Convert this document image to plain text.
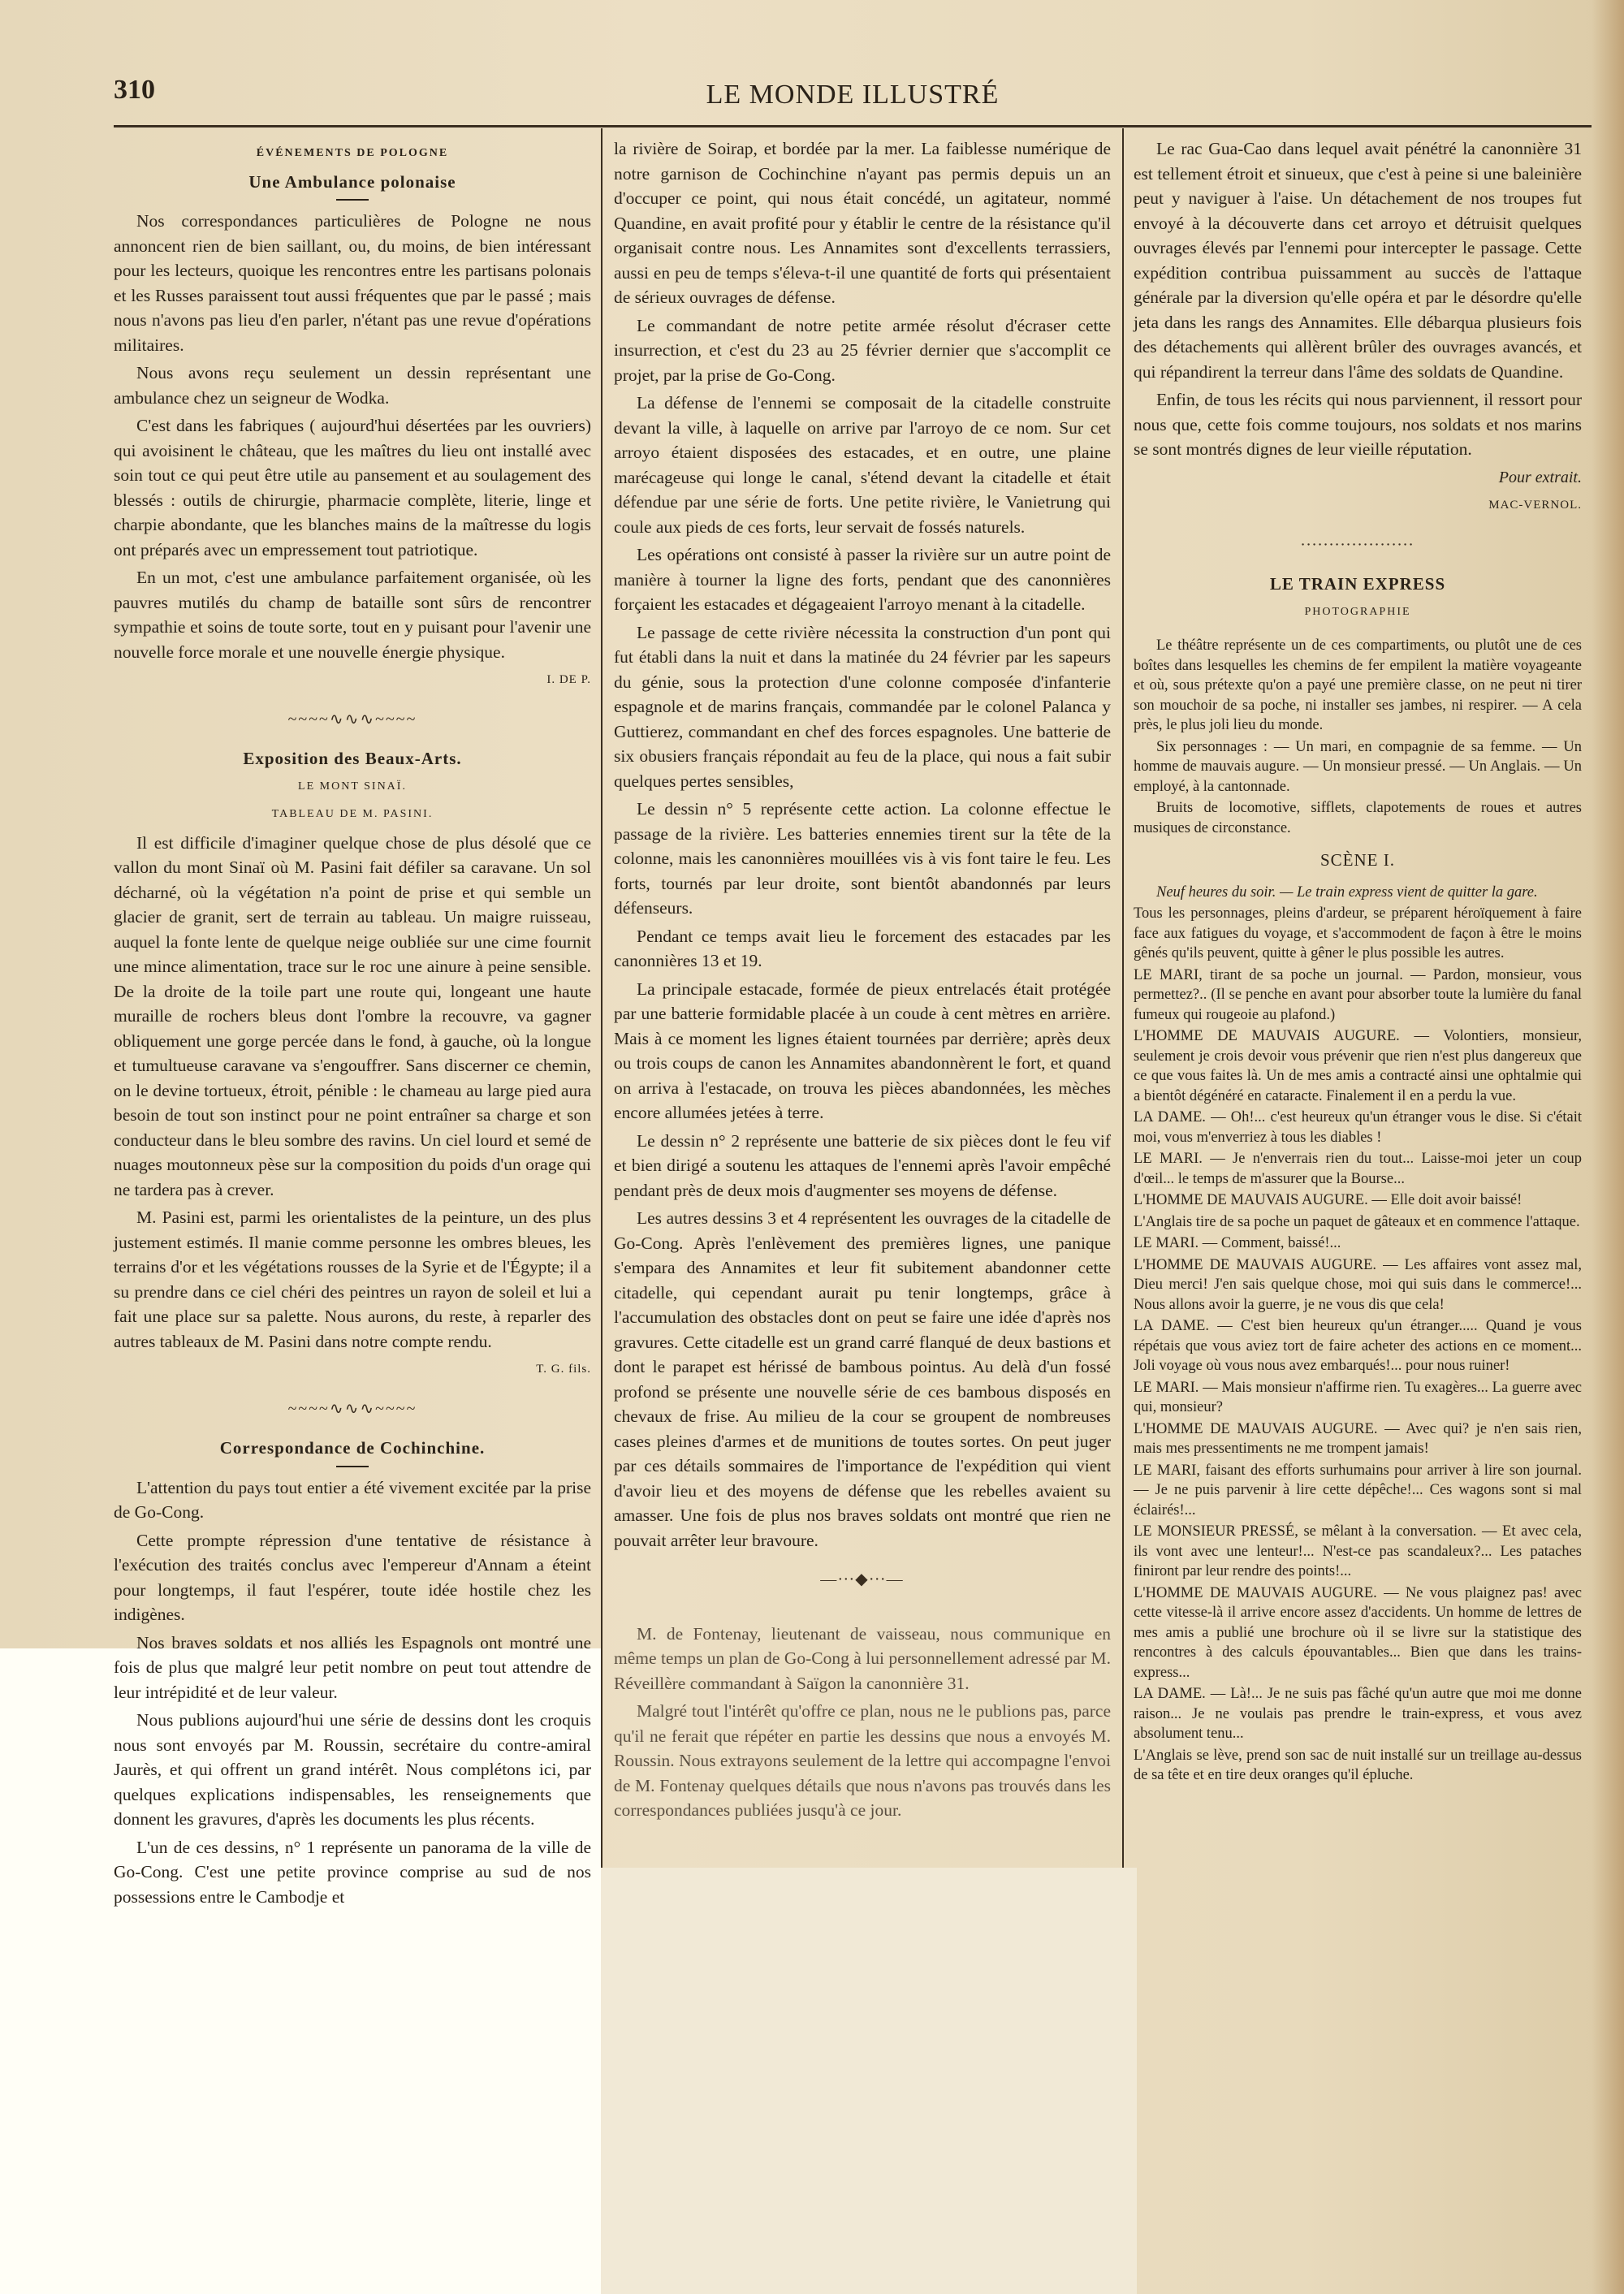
310	LE MONDE ILLUSTRÉ
ÉVÉNEMENTS DE POLOGNE
Une Ambulance polonaise

Nos correspondances particulières de Pologne ne nous annoncent rien de bien saillant, ou, du moins, de bien intéressant pour les lecteurs, quoique les rencontres entre les partisans polonais et les Russes paraissent tout aussi fréquentes que par le passé ; mais nous n'avons pas lieu d'en parler, n'étant pas une revue d'opérations militaires.

Nous avons reçu seulement un dessin représentant une ambulance chez un seigneur de Wodka.

C'est dans les fabriques ( aujourd'hui désertées par les ouvriers) qui avoisinent le château, que les maîtres du lieu ont installé avec soin tout ce qui peut être utile au pansement et au soulagement des blessés : outils de chirurgie, pharmacie complète, literie, linge et charpie abondante, que les blanches mains de la maîtresse du logis ont préparés avec un empressement tout patriotique.

En un mot, c'est une ambulance parfaitement organisée, où les pauvres mutilés du champ de bataille sont sûrs de rencontrer sympathie et soins de toute sorte, tout en y puisant pour l'avenir une nouvelle force morale et une nouvelle énergie physique.

I. DE P.
~~~~∿∿∿~~~~
Exposition des Beaux-Arts.
LE MONT SINAÏ.
TABLEAU DE M. PASINI.

Il est difficile d'imaginer quelque chose de plus désolé que ce vallon du mont Sinaï où M. Pasini fait défiler sa caravane. Un sol décharné, où la végétation n'a point de prise et qui semble un glacier de granit, sert de terrain au tableau. Un maigre ruisseau, auquel la fonte lente de quelque neige oubliée sur une cime fournit une mince alimentation, trace sur le roc une ainure à peine sensible. De la droite de la toile part une route qui, longeant une haute muraille de rochers bleus dont l'ombre la recouvre, va gagner obliquement une gorge percée dans le fond, à gauche, où la longue et tumultueuse caravane va s'engouffrer. Sans discerner ce chemin, on le devine tortueux, étroit, pénible : le chameau au large pied aura besoin de tout son instinct pour ne point entraîner sa charge et son conducteur dans le bleu sombre des ravins. Un ciel lourd et semé de nuages moutonneux pèse sur la composition du poids d'un orage qui ne tardera pas à crever.

M. Pasini est, parmi les orientalistes de la peinture, un des plus justement estimés. Il manie comme personne les ombres bleues, les terrains d'or et les végétations rousses de la Syrie et de l'Égypte; il a su prendre dans ce ciel chéri des peintres un rayon de soleil et lui a fait une place sur sa palette. Nous aurons, du reste, à reparler des autres tableaux de M. Pasini dans notre compte rendu.

T. G. fils.
~~~~∿∿∿~~~~
Correspondance de Cochinchine.

L'attention du pays tout entier a été vivement excitée par la prise de Go-Cong.

Cette prompte répression d'une tentative de résistance à l'exécution des traités conclus avec l'empereur d'Annam a éteint pour longtemps, il faut l'espérer, toute idée hostile chez les indigènes.

Nos braves soldats et nos alliés les Espagnols ont montré une fois de plus que malgré leur petit nombre on peut tout attendre de leur intrépidité et de leur valeur.

Nous publions aujourd'hui une série de dessins dont les croquis nous sont envoyés par M. Roussin, secrétaire du contre-amiral Jaurès, et qui offrent un grand intérêt. Nous complétons ici, par quelques explications indispensables, les renseignements que donnent les gravures, d'après les documents les plus récents.

L'un de ces dessins, n° 1 représente un panorama de la ville de Go-Cong. C'est une petite province comprise au sud de nos possessions entre le Cambodje et

la rivière de Soirap, et bordée par la mer. La faiblesse numérique de notre garnison de Cochinchine n'ayant pas permis depuis un an d'occuper ce point, qui nous était concédé, un agitateur, nommé Quandine, en avait profité pour y établir le centre de la résistance qu'il organisait contre nous. Les Annamites sont d'excellents terrassiers, aussi en peu de temps s'éleva-t-il une quantité de forts qui présentaient de sérieux ouvrages de défense.

Le commandant de notre petite armée résolut d'écraser cette insurrection, et c'est du 23 au 25 février dernier que s'accomplit ce projet, par la prise de Go-Cong.

La défense de l'ennemi se composait de la citadelle construite devant la ville, à laquelle on arrive par l'arroyo de ce nom. Sur cet arroyo étaient disposées des estacades, et en outre, une plaine marécageuse qui longe le canal, s'étend devant la citadelle et était défendue par une série de forts. Une petite rivière, le Vanietrung qui coule aux pieds de ces forts, leur servait de fossés naturels.

Les opérations ont consisté à passer la rivière sur un autre point de manière à tourner la ligne des forts, pendant que des canonnières forçaient les estacades et dégageaient l'arroyo menant à la citadelle.

Le passage de cette rivière nécessita la construction d'un pont qui fut établi dans la nuit et dans la matinée du 24 février par les sapeurs du génie, sous la protection d'une colonne composée d'infanterie espagnole et de marins français, commandée par le colonel Palanca y Guttierez, commandant en chef des forces espagnoles. Une batterie de six obusiers français répondait au feu de la place, qui nous a fait subir quelques pertes sensibles,

Le dessin n° 5 représente cette action. La colonne effectue le passage de la rivière. Les batteries ennemies tirent sur la tête de la colonne, mais les canonnières mouillées vis à vis font taire le feu. Les forts, tournés par leur droite, sont bientôt abandonnés par leurs défenseurs.

Pendant ce temps avait lieu le forcement des estacades par les canonnières 13 et 19.

La principale estacade, formée de pieux entrelacés était protégée par une batterie formidable placée à un coude à cent mètres en arrière. Mais à ce moment les lignes étaient tournées par derrière; après deux ou trois coups de canon les Annamites abandonnèrent le fort, et quand on arriva à l'estacade, on trouva les pièces abandonnées, les mèches encore allumées jetées à terre.

Le dessin n° 2 représente une batterie de six pièces dont le feu vif et bien dirigé a soutenu les attaques de l'ennemi après l'avoir empêché pendant près de deux mois d'augmenter ses moyens de défense.

Les autres dessins 3 et 4 représentent les ouvrages de la citadelle de Go-Cong. Après l'enlèvement des premières lignes, une panique s'empara des Annamites et leur fit subitement abandonner cette citadelle, qui cependant aurait pu tenir longtemps, grâce à l'accumulation des obstacles dont on peut se faire une idée d'après nos gravures. Cette citadelle est un grand carré flanqué de deux bastions et dont le parapet est hérissé de bambous pointus. Au delà d'un fossé profond se présente une nouvelle série de ces bambous disposés en chevaux de frise. Au milieu de la cour se groupent de nombreuses cases pleines d'armes et de munitions de toutes sortes. On peut juger par ces détails sommaires de l'importance de l'expédition qui vient d'avoir lieu et des moyens de défense que les rebelles avaient su amasser. Une fois de plus nos braves soldats ont montré que rien ne pouvait arrêter leur bravoure.

—∙∙∙◆∙∙∙—

M. de Fontenay, lieutenant de vaisseau, nous communique en même temps un plan de Go-Cong à lui personnellement adressé par M. Réveillère commandant à Saïgon la canonnière 31.

Malgré tout l'intérêt qu'offre ce plan, nous ne le publions pas, parce qu'il ne ferait que répéter en partie les dessins que nous a envoyés M. Roussin. Nous extrayons seulement de la lettre qui accompagne l'envoi de M. Fontenay quelques détails que nous n'avons pas trouvés dans les correspondances publiées jusqu'à ce jour.

Le rac Gua-Cao dans lequel avait pénétré la canonnière 31 est tellement étroit et sinueux, que c'est à peine si une baleinière peut y naviguer à l'aise. Un détachement de nos troupes fut envoyé à la découverte dans cet arroyo et détruisit quelques ouvrages élevés par l'ennemi pour intercepter le passage. Cette expédition contribua puissamment au succès de l'attaque générale par la diversion qu'elle opéra et par le désordre qu'elle jeta dans les rangs des Annamites. Elle débarqua plusieurs fois des détachements qui allèrent brûler des ouvrages avancés, et qui répandirent la terreur dans l'âme des soldats de Quandine.

Enfin, de tous les récits qui nous parviennent, il ressort pour nous que, cette fois comme toujours, nos soldats et nos marins se sont montrés dignes de leur vieille réputation.

Pour extrait.
MAC-VERNOL.
∙∙∙∙∙∙∙∙∙∙∙∙∙∙∙∙∙∙∙∙
LE TRAIN EXPRESS
PHOTOGRAPHIE

Le théâtre représente un de ces compartiments, ou plutôt une de ces boîtes dans lesquelles les chemins de fer empilent la matière voyageante et où, sous prétexte qu'on a payé une première classe, on ne peut ni tirer son mouchoir de sa poche, ni installer ses jambes, ni respirer. — A cela près, le plus joli lieu du monde.

Six personnages : — Un mari, en compagnie de sa femme. — Un homme de mauvais augure. — Un monsieur pressé. — Un Anglais. — Un employé, à la cantonnade.

Bruits de locomotive, sifflets, clapotements de roues et autres musiques de circonstance.

SCÈNE I.

Neuf heures du soir. — Le train express vient de quitter la gare.

Tous les personnages, pleins d'ardeur, se préparent héroïquement à faire face aux fatigues du voyage, et s'accommodent de façon à être le moins gênés qu'ils peuvent, quitte à gêner le plus possible les autres.

LE MARI, tirant de sa poche un journal. — Pardon, monsieur, vous permettez?.. (Il se penche en avant pour absorber toute la lumière du fanal fumeux qui rougeoie au plafond.)

L'HOMME DE MAUVAIS AUGURE. — Volontiers, monsieur, seulement je crois devoir vous prévenir que rien n'est plus dangereux que ce que vous faites là. Un de mes amis a contracté ainsi une ophtalmie qui a bientôt dégénéré en cataracte. Finalement il en a perdu la vue.

LA DAME. — Oh!... c'est heureux qu'un étranger vous le dise. Si c'était moi, vous m'enverriez à tous les diables !

LE MARI. — Je n'enverrais rien du tout... Laisse-moi jeter un coup d'œil... le temps de m'assurer que la Bourse...

L'HOMME DE MAUVAIS AUGURE. — Elle doit avoir baissé!

L'Anglais tire de sa poche un paquet de gâteaux et en commence l'attaque.

LE MARI. — Comment, baissé!...

L'HOMME DE MAUVAIS AUGURE. — Les affaires vont assez mal, Dieu merci! J'en sais quelque chose, moi qui suis dans le commerce!... Nous allons avoir la guerre, je ne vous dis que cela!

LA DAME. — C'est bien heureux qu'un étranger..... Quand je vous répétais que vous aviez tort de faire acheter des actions en ce moment... Joli voyage où vous nous avez embarqués!... pour nous ruiner!

LE MARI. — Mais monsieur n'affirme rien. Tu exagères... La guerre avec qui, monsieur?

L'HOMME DE MAUVAIS AUGURE. — Avec qui? je n'en sais rien, mais mes pressentiments ne me trompent jamais!

LE MARI, faisant des efforts surhumains pour arriver à lire son journal. — Je ne puis parvenir à lire cette dépêche!... Ces wagons sont si mal éclairés!...

LE MONSIEUR PRESSÉ, se mêlant à la conversation. — Et avec cela, ils vont avec une lenteur!... N'est-ce pas scandaleux?... Les pataches finiront par leur rendre des points!...

L'HOMME DE MAUVAIS AUGURE. — Ne vous plaignez pas! avec cette vitesse-là il arrive encore assez d'accidents. Un homme de lettres de mes amis a publié une brochure où il se livre sur la statistique des rencontres à des calculs épouvantables... Bien que dans les trains-express...

LA DAME. — Là!... Je ne suis pas fâché qu'un autre que moi me donne raison... Je ne voulais pas prendre le train-express, et vous avez absolument tenu...

L'Anglais se lève, prend son sac de nuit installé sur un treillage au-dessus de sa tête et en tire deux oranges qu'il épluche.
